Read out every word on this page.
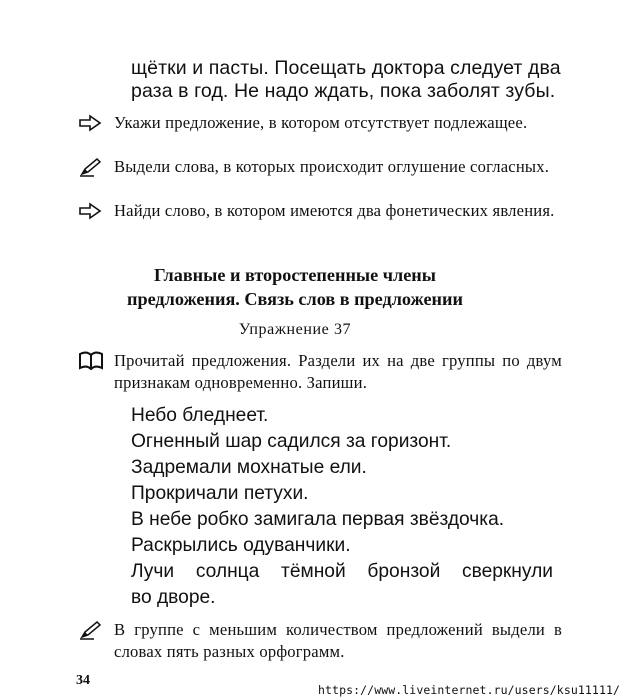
щётки и пасты. Посещать доктора следует два
раза в год. Не надо ждать, пока заболят зубы.
Укажи предложение, в котором отсутствует подлежащее.
Выдели слова, в которых происходит оглушение согласных.
Найди слово, в котором имеются два фонетических явления.
Главные и второстепенные члены
предложения. Связь слов в предложении
Упражнение 37
Прочитай предложения. Раздели их на две группы по двум признакам одновременно. Запиши.
Небо бледнеет.
Огненный шар садился за горизонт.
Задремали мохнатые ели.
Прокричали петухи.
В небе робко замигала первая звёздочка.
Раскрылись одуванчики.
Лучи солнца тёмной бронзой сверкнули
во дворе.
В группе с меньшим количеством предложений выдели в словах пять разных орфограмм.
34
https://www.liveinternet.ru/users/ksu11111/
